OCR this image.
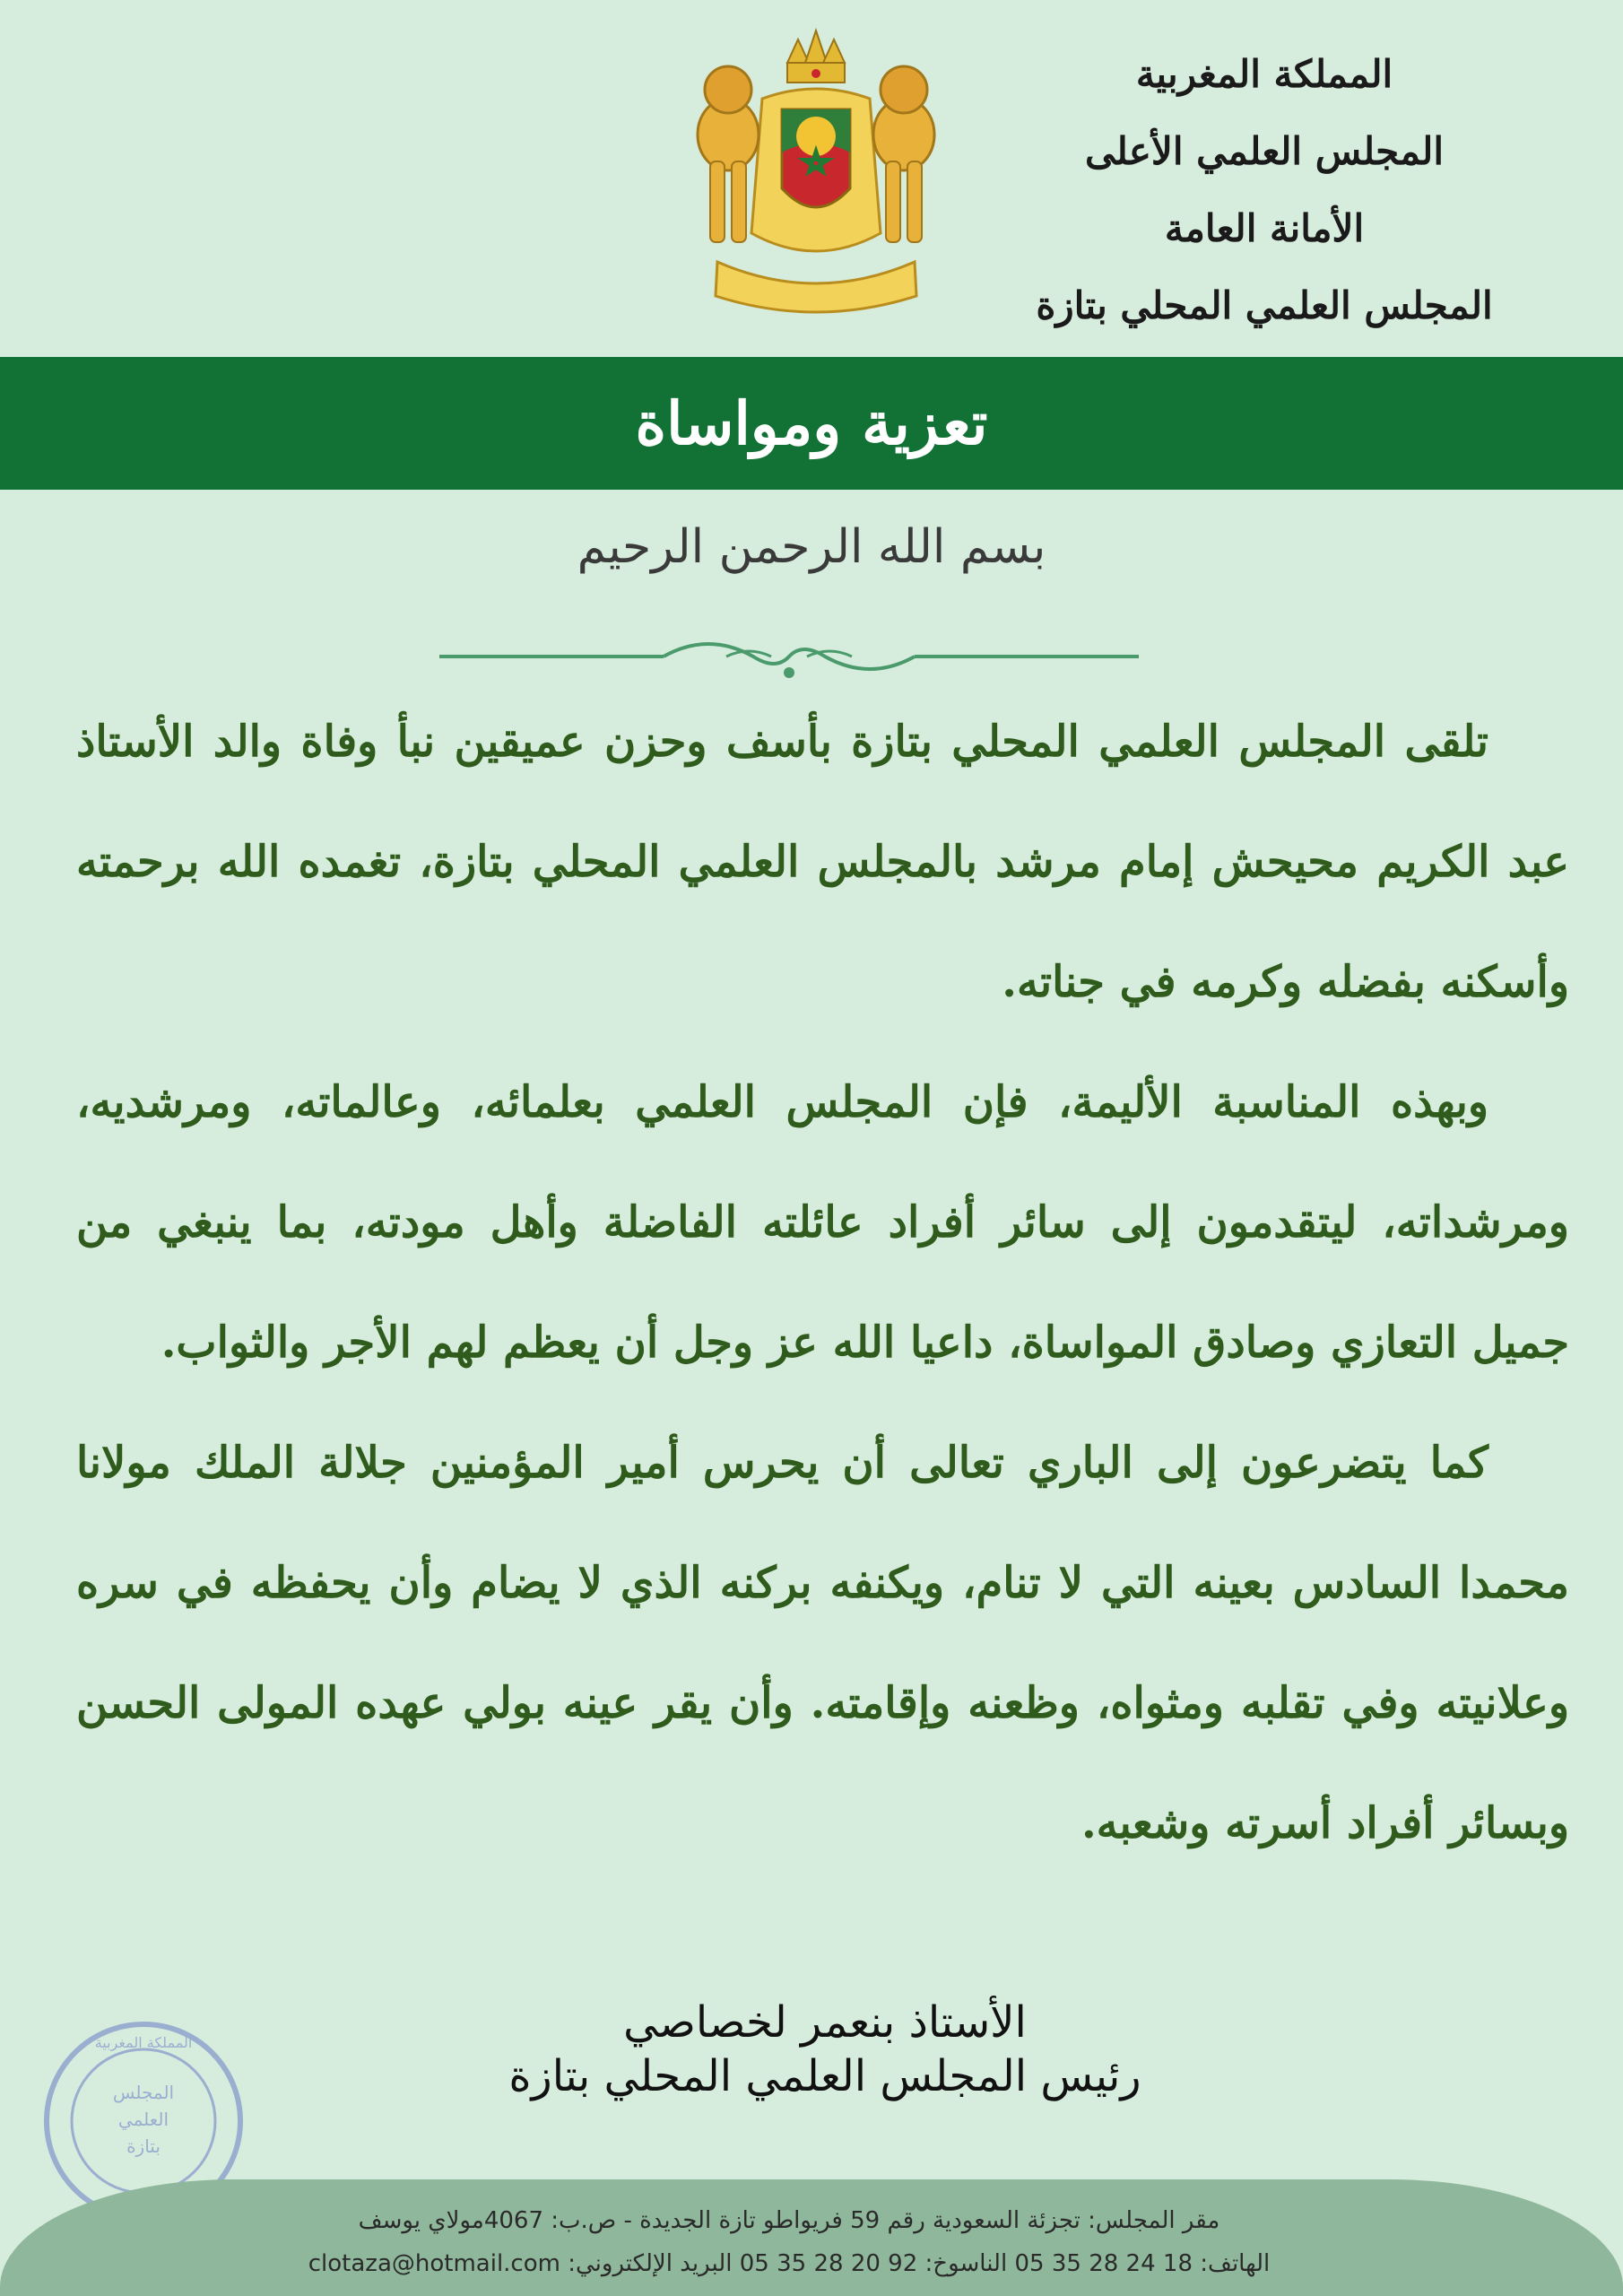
المملكة المغربية
المجلس العلمي الأعلى
الأمانة العامة
المجلس العلمي المحلي بتازة
تعزية ومواساة
بسم الله الرحمن الرحيم

تلقى المجلس العلمي المحلي بتازة بأسف وحزن عميقين نبأ وفاة والد الأستاذ عبد الكريم محيحش إمام مرشد بالمجلس العلمي المحلي بتازة، تغمده الله برحمته وأسكنه بفضله وكرمه في جناته.

وبهذه المناسبة الأليمة، فإن المجلس العلمي بعلمائه، وعالماته، ومرشديه، ومرشداته، ليتقدمون إلى سائر أفراد عائلته الفاضلة وأهل مودته، بما ينبغي من جميل التعازي وصادق المواساة، داعيا الله عز وجل أن يعظم لهم الأجر والثواب.

كما يتضرعون إلى الباري تعالى أن يحرس أمير المؤمنين جلالة الملك مولانا محمدا السادس بعينه التي لا تنام، ويكنفه بركنه الذي لا يضام وأن يحفظه في سره وعلانيته وفي تقلبه ومثواه، وظعنه وإقامته. وأن يقر عينه بولي عهده المولى الحسن وبسائر أفراد أسرته وشعبه.

المملكة المغربية
المجلس
العلمي
بتازة
الأستاذ بنعمر لخصاصي
رئيس المجلس العلمي المحلي بتازة
مقر المجلس: تجزئة السعودية رقم 59 فريواطو تازة الجديدة - ص.ب: 4067مولاي يوسف
الهاتف: 18 24 28 35 05 الناسوخ: 92 20 28 35 05 البريد الإلكتروني: clotaza@hotmail.com
